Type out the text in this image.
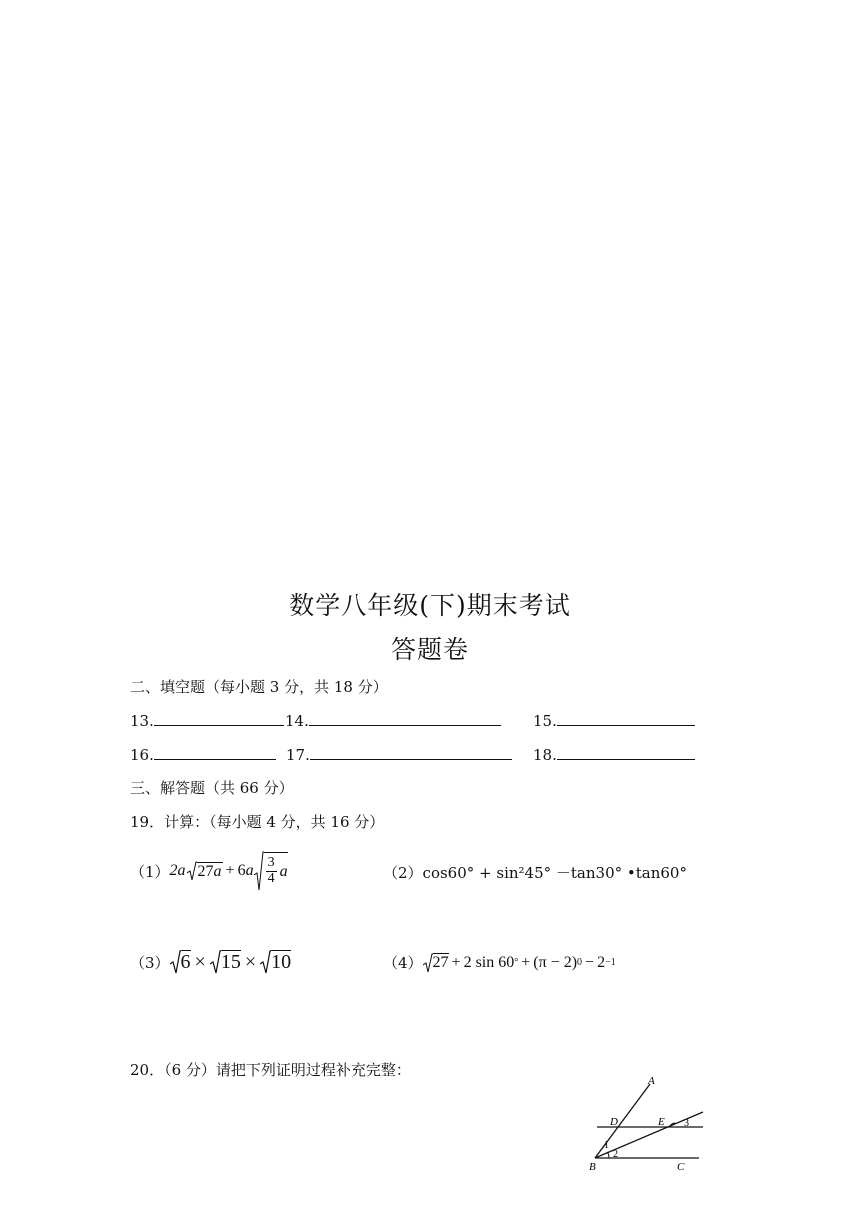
数学八年级(下)期末考试
答题卷
二、填空题（每小题 3 分，共 18 分）
13.	14.	15.
16.	17.	18.
三、解答题（共 66 分）
19．计算：（每小题 4 分，共 16 分）
（1） 2a 27a + 6 a $\frac{3}{4}$ a	（2）cos60° + sin²45° －tan30° •tan60°
（3） 6 × 15 × 10	（4） 27 + 2 sin 60 ° + (π − 2) 0 − 2 −1
20．（6 分）请把下列证明过程补充完整：
A
D	E 3
1
2
B	C
